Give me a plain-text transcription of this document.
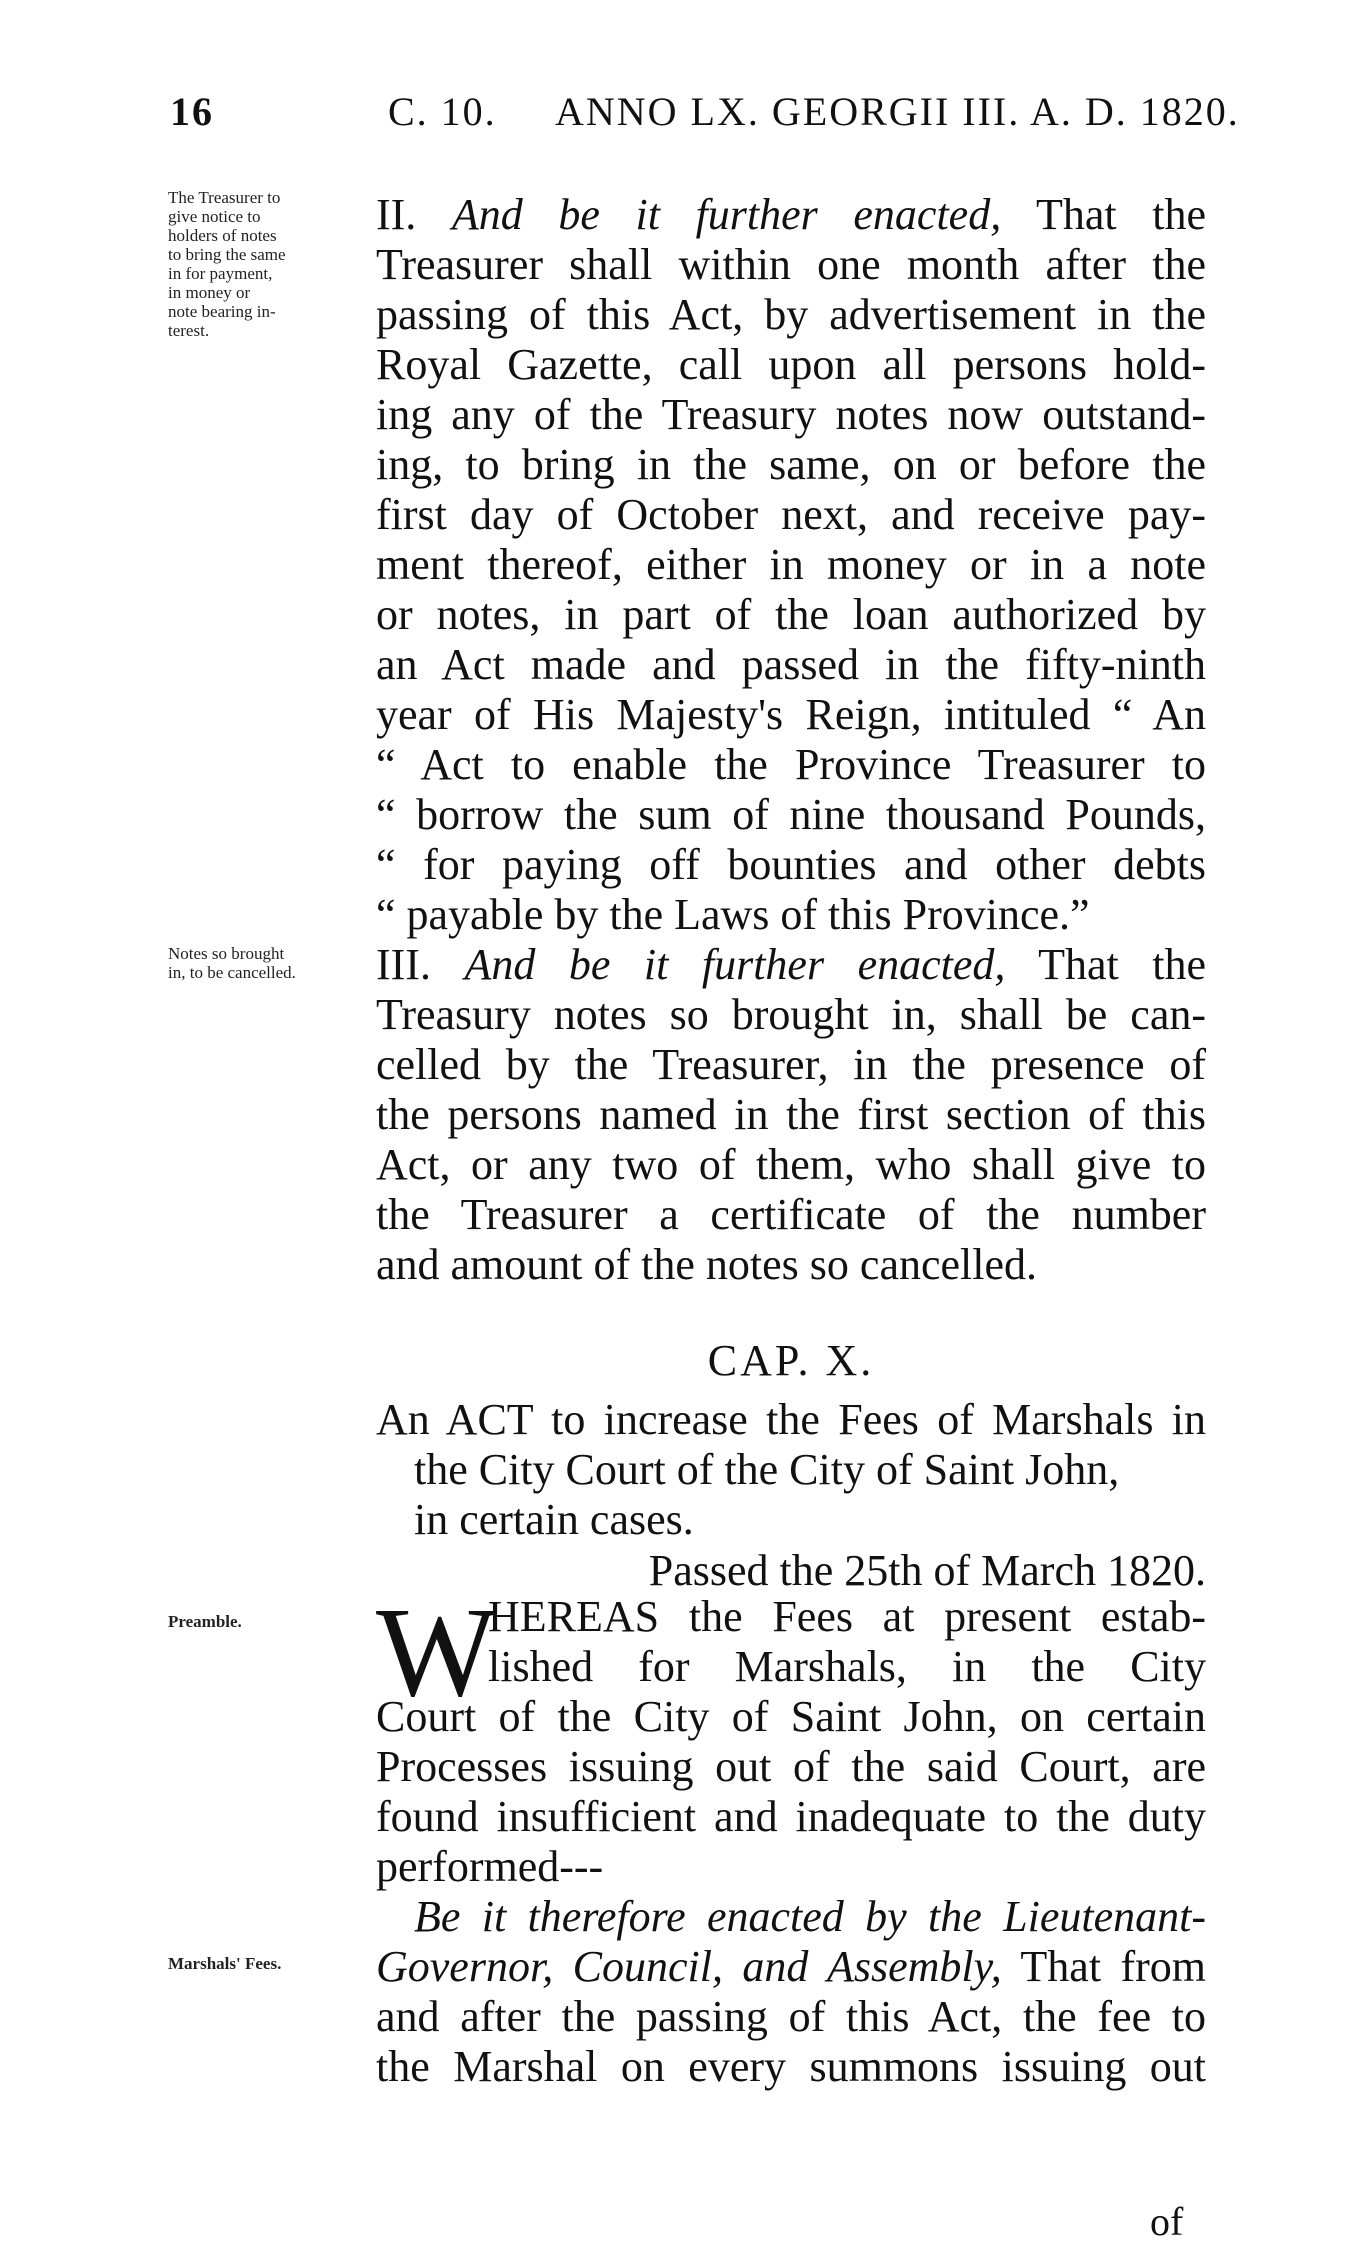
16	C. 10. ANNO LX. GEORGII III. A. D. 1820.
The Treasurer to
give notice to
holders of notes
to bring the same
in for payment,
in money or
note bearing in-
terest.
Notes so brought
in, to be cancelled.
Preamble.
Marshals' Fees.
II. And be it further enacted, That the
Treasurer shall within one month after the
passing of this Act, by advertisement in the
Royal Gazette, call upon all persons hold-
ing any of the Treasury notes now outstand-
ing, to bring in the same, on or before the
first day of October next, and receive pay-
ment thereof, either in money or in a note
or notes, in part of the loan authorized by
an Act made and passed in the fifty-ninth
year of His Majesty's Reign, intituled “ An
“ Act to enable the Province Treasurer to
“ borrow the sum of nine thousand Pounds,
“ for paying off bounties and other debts
“ payable by the Laws of this Province.”
III. And be it further enacted, That the
Treasury notes so brought in, shall be can-
celled by the Treasurer, in the presence of
the persons named in the first section of this
Act, or any two of them, who shall give to
the Treasurer a certificate of the number
and amount of the notes so cancelled.
CAP. X.
An ACT to increase the Fees of Marshals in
the City Court of the City of Saint John,
in certain cases.
Passed the 25th of March 1820.
W
HEREAS the Fees at present estab-
lished for Marshals, in the City
Court of the City of Saint John, on certain
Processes issuing out of the said Court, are
found insufficient and inadequate to the duty
performed---
Be it therefore enacted by the Lieutenant-
Governor, Council, and Assembly, That from
and after the passing of this Act, the fee to
the Marshal on every summons issuing out
of
